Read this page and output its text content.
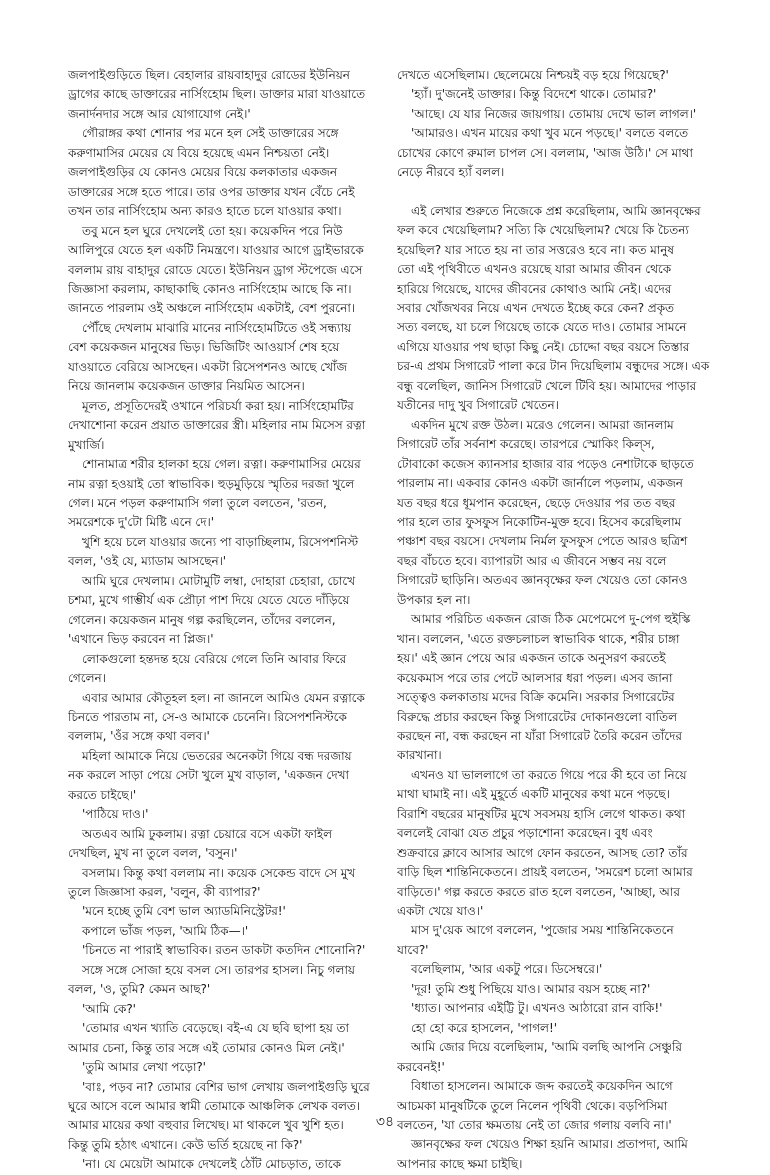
জলপাইগুড়িতে ছিল। বেহালার রায়বাহাদুর রোডের ইউনিয়ন
ড্রাগের কাছে ডাক্তারের নার্সিংহোম ছিল। ডাক্তার মারা যাওয়াতে
জনার্দনদার সঙ্গে আর যোগাযোগ নেই।'
গৌরাঙ্গর কথা শোনার পর মনে হল সেই ডাক্তারের সঙ্গে
করুণামাসির মেয়ের যে বিয়ে হয়েছে এমন নিশ্চয়তা নেই।
জলপাইগুড়ির যে কোনও মেয়ের বিয়ে কলকাতার একজন
ডাক্তারের সঙ্গে হতে পারে। তার ওপর ডাক্তার যখন বেঁচে নেই
তখন তার নার্সিংহোম অন্য কারও হাতে চলে যাওয়ার কথা।
তবু মনে হল ঘুরে দেখলেই তো হয়। কয়েকদিন পরে নিউ
আলিপুরে যেতে হল একটি নিমন্ত্রণে। যাওয়ার আগে ড্রাইভারকে
বললাম রায় বাহাদুর রোডে যেতে। ইউনিয়ন ড্রাগ স্টপেজে এসে
জিজ্ঞাসা করলাম, কাছাকাছি কোনও নার্সিংহোম আছে কি না।
জানতে পারলাম ওই অঞ্চলে নার্সিংহোম একটাই, বেশ পুরনো।
পৌঁছে দেখলাম মাঝারি মানের নার্সিংহোমটিতে ওই সন্ধ্যায়
বেশ কয়েকজন মানুষের ভিড়। ভিজিটিং আওয়ার্স শেষ হয়ে
যাওয়াতে বেরিয়ে আসছেন। একটা রিসেপশনও আছে খোঁজ
নিয়ে জানলাম কয়েকজন ডাক্তার নিয়মিত আসেন।
মূলত, প্রসূতিদেরই ওখানে পরিচর্যা করা হয়। নার্সিংহোমটির
দেখাশোনা করেন প্রয়াত ডাক্তারের স্ত্রী। মহিলার নাম মিসেস রত্না
মুখার্জি।
শোনামাত্র শরীর হালকা হয়ে গেল। রত্না। করুণামাসির মেয়ের
নাম রত্না হওয়াই তো স্বাভাবিক। হুড়মুড়িয়ে স্মৃতির দরজা খুলে
গেল। মনে পড়ল করুণামাসি গলা তুলে বলতেন, 'রতন,
সমরেশকে দু'টো মিষ্টি এনে দে।'
খুশি হয়ে চলে যাওয়ার জন্যে পা বাড়াচ্ছিলাম, রিসেপশনিস্ট
বলল, 'ওই যে, ম্যাডাম আসছেন।'
আমি ঘুরে দেখলাম। মোটামুটি লম্বা, দোহারা চেহারা, চোখে
চশমা, মুখে গাম্ভীর্য এক প্রৌঢ়া পাশ দিয়ে যেতে যেতে দাঁড়িয়ে
গেলেন। কয়েকজন মানুষ গল্প করছিলেন, তাঁদের বললেন,
'এখানে ভিড় করবেন না প্লিজ।'
লোকগুলো হন্তদন্ত হয়ে বেরিয়ে গেলে তিনি আবার ফিরে
গেলেন।
এবার আমার কৌতূহল হল। না জানলে আমিও যেমন রত্নাকে
চিনতে পারতাম না, সে-ও আমাকে চেনেনি। রিসেপশনিস্টকে
বললাম, 'ওঁর সঙ্গে কথা বলব।'
মহিলা আমাকে নিয়ে ভেতরের অনেকটা গিয়ে বন্ধ দরজায়
নক করলে সাড়া পেয়ে সেটা খুলে মুখ বাড়াল, 'একজন দেখা
করতে চাইছে।'
'পাঠিয়ে দাও।'
অতএব আমি ঢুকলাম। রত্না চেয়ারে বসে একটা ফাইল
দেখছিল, মুখ না তুলে বলল, 'বসুন।'
বসলাম। কিন্তু কথা বললাম না। কয়েক সেকেন্ড বাদে সে মুখ
তুলে জিজ্ঞাসা করল, 'বলুন, কী ব্যাপার?'
'মনে হচ্ছে তুমি বেশ ভাল অ্যাডমিনিস্ট্রেটর!'
কপালে ভাঁজ পড়ল, 'আমি ঠিক—।'
'চিনতে না পারাই স্বাভাবিক। রতন ডাকটা কতদিন শোনোনি?'
সঙ্গে সঙ্গে সোজা হয়ে বসল সে। তারপর হাসল। নিচু গলায়
বলল, 'ও, তুমি? কেমন আছ?'
'আমি কে?'
'তোমার এখন খ্যাতি বেড়েছে। বই-এ যে ছবি ছাপা হয় তা
আমার চেনা, কিন্তু তার সঙ্গে এই তোমার কোনও মিল নেই।'
'তুমি আমার লেখা পড়ো?'
'বাঃ, পড়ব না? তোমার বেশির ভাগ লেখায় জলপাইগুড়ি ঘুরে
ঘুরে আসে বলে আমার স্বামী তোমাকে আঞ্চলিক লেখক বলত।
আমার মায়ের কথা বহুবার লিখেছ। মা থাকলে খুব খুশি হত।
কিন্তু তুমি হঠাৎ এখানে। কেউ ভর্তি হয়েছে না কি?'
'না। যে মেয়েটা আমাকে দেখলেই ঠোঁট মোচড়াত, তাকে
দেখতে এসেছিলাম। ছেলেমেয়ে নিশ্চয়ই বড় হয়ে গিয়েছে?'
'হ্যাঁ। দু'জনেই ডাক্তার। কিন্তু বিদেশে থাকে। তোমার?'
'আছে। যে যার নিজের জায়গায়। তোমায় দেখে ভাল লাগল।'
'আমারও। এখন মায়ের কথা খুব মনে পড়ছে।' বলতে বলতে
চোখের কোণে রুমাল চাপল সে। বললাম, 'আজ উঠি।' সে মাথা
নেড়ে নীরবে হ্যাঁ বলল।
এই লেখার শুরুতে নিজেকে প্রশ্ন করেছিলাম, আমি জ্ঞানবৃক্ষের
ফল কবে খেয়েছিলাম? সত্যি কি খেয়েছিলাম? খেয়ে কি চৈতন্য
হয়েছিল? যার সাতে হয় না তার সত্তরেও হবে না। কত মানুষ
তো এই পৃথিবীতে এখনও রয়েছে যারা আমার জীবন থেকে
হারিয়ে গিয়েছে, যাদের জীবনের কোথাও আমি নেই। এদের
সবার খোঁজখবর নিয়ে এখন দেখতে ইচ্ছে করে কেন? প্রকৃত
সত্য বলছে, যা চলে গিয়েছে তাকে যেতে দাও। তোমার সামনে
এগিয়ে যাওয়ার পথ ছাড়া কিছু নেই। চোদ্দো বছর বয়সে তিস্তার
চর-এ প্রথম সিগারেট পালা করে টান দিয়েছিলাম বন্ধুদের সঙ্গে। এক
বন্ধু বলেছিল, জানিস সিগারেট খেলে টিবি হয়। আমাদের পাড়ার
যতীনের দাদু খুব সিগারেট খেতেন।
একদিন মুখে রক্ত উঠল। মরেও গেলেন। আমরা জানলাম
সিগারেট তাঁর সর্বনাশ করেছে। তারপরে স্মোকিং কিল্‌স,
টোবাকো কজেস ক্যানসার হাজার বার পড়েও নেশাটাকে ছাড়তে
পারলাম না। একবার কোনও একটা জার্নালে পড়লাম, একজন
যত বছর ধরে ধূমপান করেছেন, ছেড়ে দেওয়ার পর তত বছর
পার হলে তার ফুসফুস নিকোটিন-মুক্ত হবে। হিসেব করেছিলাম
পঞ্চাশ বছর বয়সে। দেখলাম নির্মল ফুসফুস পেতে আরও ছত্রিশ
বছর বাঁচতে হবে। ব্যাপারটা আর এ জীবনে সম্ভব নয় বলে
সিগারেট ছাড়িনি। অতএব জ্ঞানবৃক্ষের ফল খেয়েও তো কোনও
উপকার হল না।
আমার পরিচিত একজন রোজ ঠিক মেপেমেপে দু-পেগ হুইস্কি
খান। বললেন, 'এতে রক্তচলাচল স্বাভাবিক থাকে, শরীর চাঙ্গা
হয়।' এই জ্ঞান পেয়ে আর একজন তাকে অনুসরণ করতেই
কয়েকমাস পরে তার পেটে আলসার ধরা পড়ল। এসব জানা
সত্ত্বেও কলকাতায় মদের বিক্রি কমেনি। সরকার সিগারেটের
বিরুদ্ধে প্রচার করছেন কিন্তু সিগারেটের দোকানগুলো বাতিল
করছেন না, বন্ধ করছেন না যাঁরা সিগারেট তৈরি করেন তাঁদের
কারখানা।
এখনও যা ভাললাগে তা করতে গিয়ে পরে কী হবে তা নিয়ে
মাথা ঘামাই না। এই মুহূর্তে একটি মানুষের কথা মনে পড়ছে।
বিরাশি বছরের মানুষটির মুখে সবসময় হাসি লেগে থাকত। কথা
বললেই বোঝা যেত প্রচুর পড়াশোনা করেছেন। বুধ এবং
শুক্রবারে ক্লাবে আসার আগে ফোন করতেন, আসছ তো? তাঁর
বাড়ি ছিল শান্তিনিকেতনে। প্রায়ই বলতেন, 'সমরেশ চলো আমার
বাড়িতে।' গল্প করতে করতে রাত হলে বলতেন, 'আচ্ছা, আর
একটা খেয়ে যাও।'
মাস দু'য়েক আগে বললেন, 'পুজোর সময় শান্তিনিকেতনে
যাবে?'
বলেছিলাম, 'আর একটু পরে। ডিসেম্বরে।'
'দূর! তুমি শুধু পিছিয়ে যাও। আমার বয়স হচ্ছে না?'
'ধ্যাত। আপনার এইট্টি টু। এখনও আঠারো রান বাকি!'
হো হো করে হাসলেন, 'পাগল!'
আমি জোর দিয়ে বলেছিলাম, 'আমি বলছি আপনি সেঞ্চুরি
করবেনই!'
বিধাতা হাসলেন। আমাকে জব্দ করতেই কয়েকদিন আগে
আচমকা মানুষটিকে তুলে নিলেন পৃথিবী থেকে। বড়পিসিমা
বলতেন, 'যা তোর ক্ষমতায় নেই তা জোর গলায় বলবি না।'
জ্ঞানবৃক্ষের ফল খেয়েও শিক্ষা হয়নি আমার। প্রতাপদা, আমি
আপনার কাছে ক্ষমা চাইছি।
৩৪
